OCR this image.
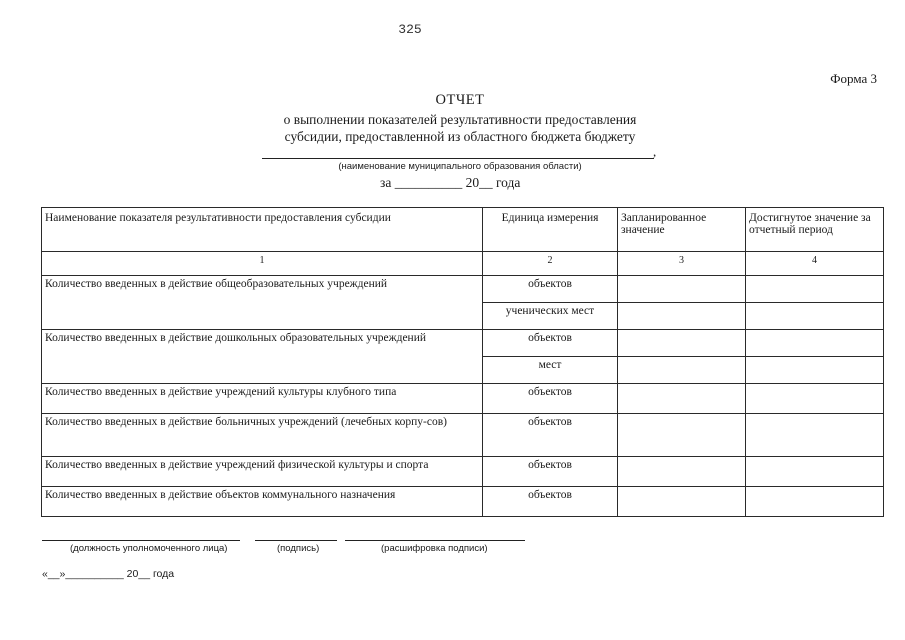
325
Форма 3
ОТЧЕТ
о выполнении показателей результативности предоставления
субсидии, предоставленной из областного бюджета бюджету
,
(наименование муниципального образования области)
за __________ 20__ года
Наименование показателя результативности предоставления субсидии	Единица измерения	Запланированное значение	Достигнутое значение за отчетный период
1	2	3	4
Количество введенных в действие общеобразовательных учреждений	объектов		
	ученических мест		
Количество введенных в действие дошкольных образовательных учреждений	объектов		
	мест		
Количество введенных в действие учреждений культуры клубного типа	объектов		
Количество введенных в действие больничных учреждений (лечебных корпу-сов)	объектов		
Количество введенных в действие учреждений физической культуры и спорта	объектов		
Количество введенных в действие объектов коммунального назначения	объектов		
(должность уполномоченного лица)	(подпись)	(расшифровка подписи)
«__»__________ 20__ года
